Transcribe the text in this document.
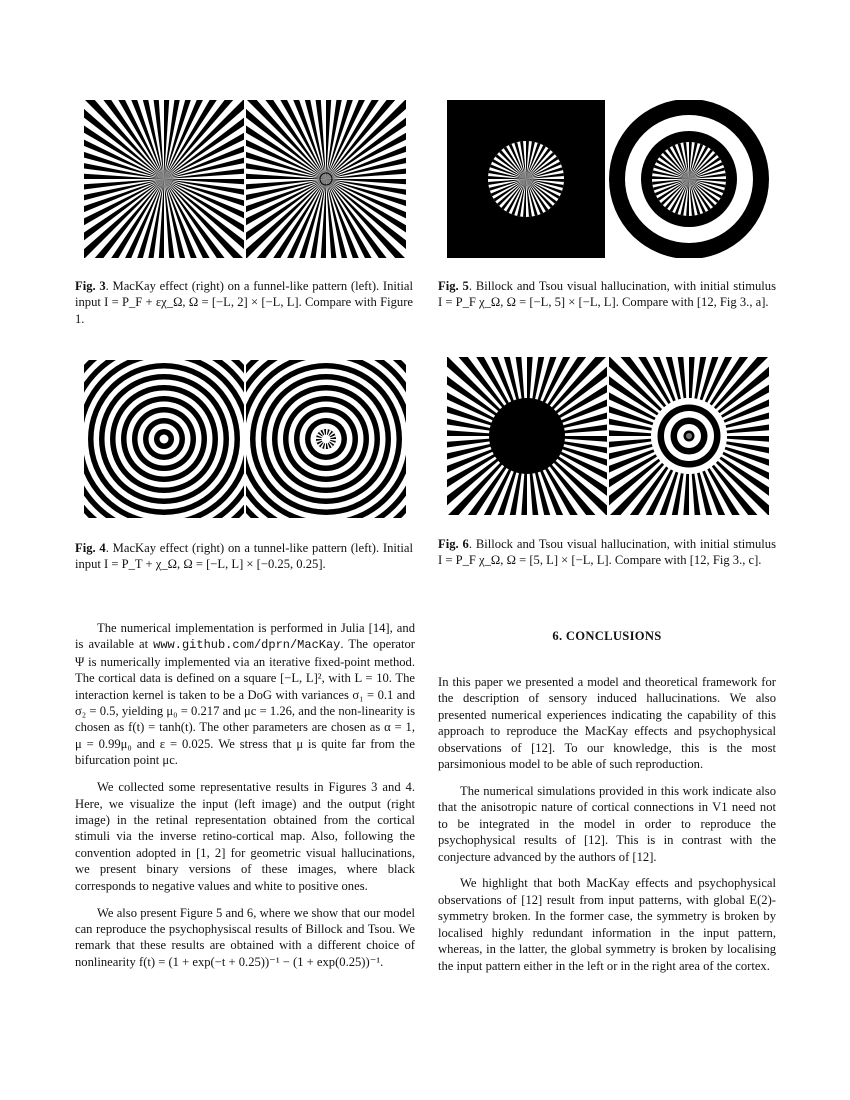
Fig. 3. MacKay effect (right) on a funnel-like pattern (left). Initial input I = P_F + εχ_Ω, Ω = [−L, 2] × [−L, L]. Compare with Figure 1.
Fig. 5. Billock and Tsou visual hallucination, with initial stimulus I = P_F χ_Ω, Ω = [−L, 5] × [−L, L]. Compare with [12, Fig 3., a].
Fig. 4. MacKay effect (right) on a tunnel-like pattern (left). Initial input I = P_T + χ_Ω, Ω = [−L, L] × [−0.25, 0.25].
Fig. 6. Billock and Tsou visual hallucination, with initial stimulus I = P_F χ_Ω, Ω = [5, L] × [−L, L]. Compare with [12, Fig 3., c].

The numerical implementation is performed in Julia [14], and is available at www.github.com/dprn/MacKay. The operator Ψ is numerically implemented via an iterative fixed-point method. The cortical data is defined on a square [−L, L]², with L = 10. The interaction kernel is taken to be a DoG with variances σ₁ = 0.1 and σ₂ = 0.5, yielding μ₀ = 0.217 and μc = 1.26, and the non-linearity is chosen as f(t) = tanh(t). The other parameters are chosen as α = 1, μ = 0.99μ₀ and ε = 0.025. We stress that μ is quite far from the bifurcation point μc.

We collected some representative results in Figures 3 and 4. Here, we visualize the input (left image) and the output (right image) in the retinal representation obtained from the cortical stimuli via the inverse retino-cortical map. Also, following the convention adopted in [1, 2] for geometric visual hallucinations, we present binary versions of these images, where black corresponds to negative values and white to positive ones.

We also present Figure 5 and 6, where we show that our model can reproduce the psychophysiscal results of Billock and Tsou. We remark that these results are obtained with a different choice of nonlinearity f(t) = (1 + exp(−t + 0.25))⁻¹ − (1 + exp(0.25))⁻¹.

6. CONCLUSIONS

In this paper we presented a model and theoretical framework for the description of sensory induced hallucinations. We also presented numerical experiences indicating the capability of this approach to reproduce the MacKay effects and psychophysical observations of [12]. To our knowledge, this is the most parsimonious model to be able of such reproduction.

The numerical simulations provided in this work indicate also that the anisotropic nature of cortical connections in V1 need not to be integrated in the model in order to reproduce the psychophysical results of [12]. This is in contrast with the conjecture advanced by the authors of [12].

We highlight that both MacKay effects and psychophysical observations of [12] result from input patterns, with global E(2)-symmetry broken. In the former case, the symmetry is broken by localised highly redundant information in the input pattern, whereas, in the latter, the global symmetry is broken by localising the input pattern either in the left or in the right area of the cortex.
